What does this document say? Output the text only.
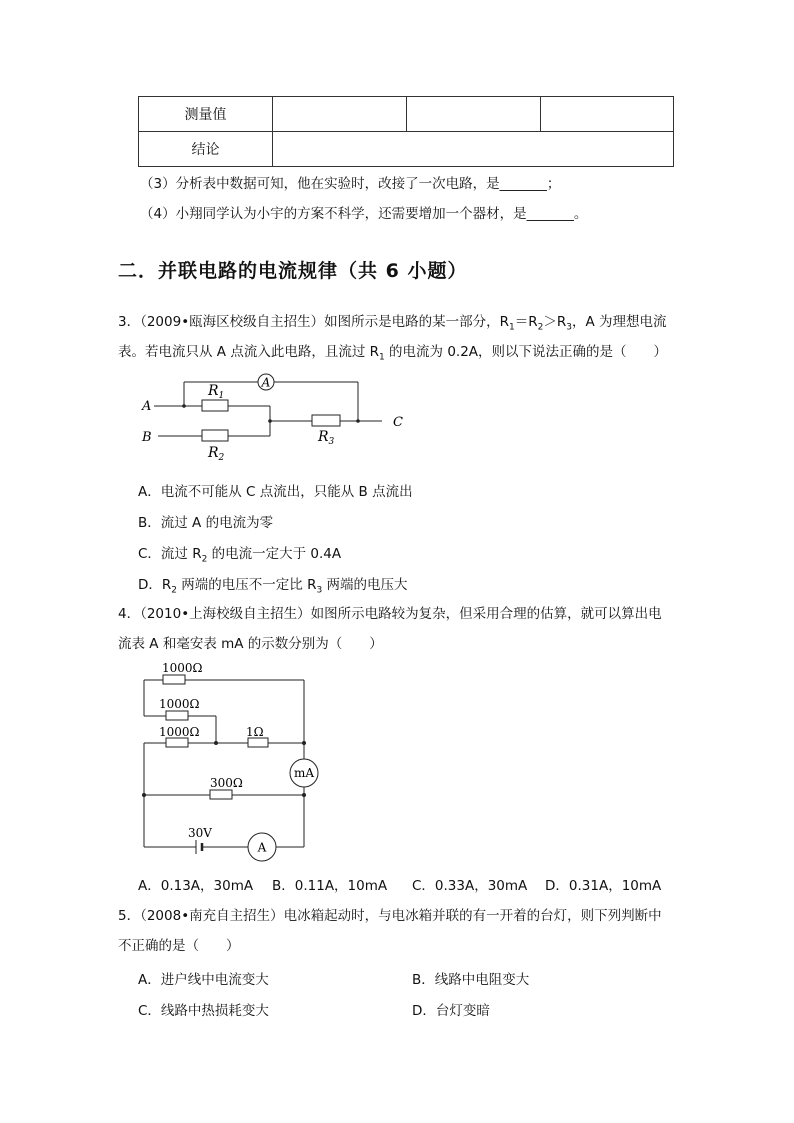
测量值			
结论			
（3）分析表中数据可知，他在实验时，改接了一次电路，是_______；
（4）小翔同学认为小宇的方案不科学，还需要增加一个器材，是_______。
二．并联电路的电流规律（共 6 小题）
3．（2009•瓯海区校级自主招生）如图所示是电路的某一部分，$R_1=R_2>R_3$，A 为理想电流
表。若电流只从 A 点流入此电路，且流过 $R_1$ 的电流为 0.2A，则以下说法正确的是（　　）
A
A
B
C
$R_1$
$R_2$
$R_3$
A．电流不可能从 C 点流出，只能从 B 点流出
B．流过 A 的电流为零
C．流过 $R_2$ 的电流一定大于 0.4A
D．$R_2$ 两端的电压不一定比 $R_3$ 两端的电压大
4．（2010•上海校级自主招生）如图所示电路较为复杂，但采用合理的估算，就可以算出电
流表 A 和毫安表 mA 的示数分别为（　　）
mA
A
1000Ω
1000Ω
1000Ω	1Ω
300Ω
30V
A．0.13A，30mA B．0.11A，10mA C．0.33A，30mA D．0.31A，10mA
5．（2008•南充自主招生）电冰箱起动时，与电冰箱并联的有一开着的台灯，则下列判断中
不正确的是（　　）
A．进户线中电流变大	B．线路中电阻变大
C．线路中热损耗变大	D．台灯变暗
